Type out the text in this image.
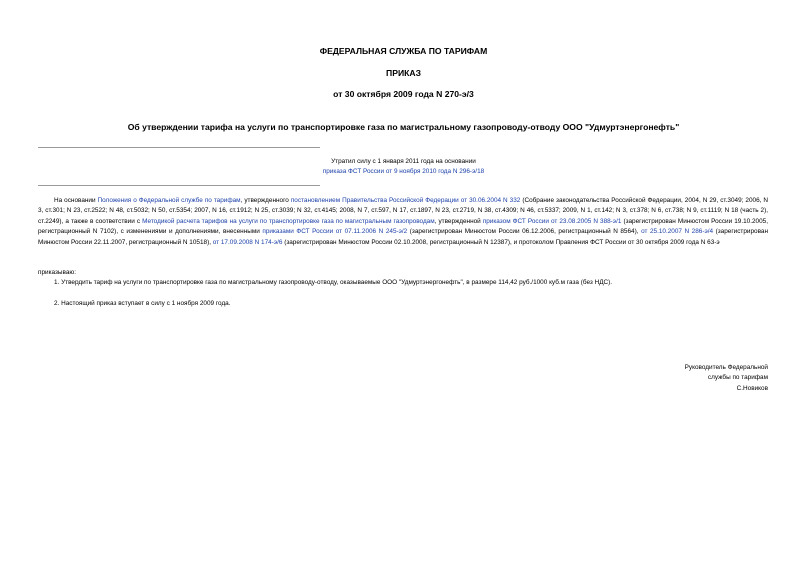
ФЕДЕРАЛЬНАЯ СЛУЖБА ПО ТАРИФАМ
ПРИКАЗ
от 30 октября 2009 года N 270-э/3
Об утверждении тарифа на услуги по транспортировке газа по магистральному газопроводу-отводу ООО "Удмуртэнергонефть"
Утратил силу с 1 января 2011 года на основании
приказа ФСТ России от 9 ноября 2010 года N 296-э/18
На основании Положения о Федеральной службе по тарифам, утвержденного постановлением Правительства Российской Федерации от 30.06.2004 N 332 (Собрание законодательства Российской Федерации, 2004, N 29, ст.3049; 2006, N 3, ст.301; N 23, ст.2522; N 48, ст.5032; N 50, ст.5354; 2007, N 16, ст.1912; N 25, ст.3039; N 32, ст.4145; 2008, N 7, ст.597, N 17, ст.1897, N 23, ст.2719, N 38, ст.4309; N 46, ст.5337; 2009, N 1, ст.142; N 3, ст.378; N 6, ст.738; N 9, ст.1119; N 18 (часть 2), ст.2249), а также в соответствии с Методикой расчета тарифов на услуги по транспортировке газа по магистральным газопроводам, утвержденной приказом ФСТ России от 23.08.2005 N 388-э/1 (зарегистрирован Минюстом России 19.10.2005, регистрационный N 7102), с изменениями и дополнениями, внесенными приказами ФСТ России от 07.11.2006 N 245-э/2 (зарегистрирован Минюстом России 06.12.2006, регистрационный N 8564), от 25.10.2007 N 286-э/4 (зарегистрирован Минюстом России 22.11.2007, регистрационный N 10518), от 17.09.2008 N 174-э/6 (зарегистрирован Минюстом России 02.10.2008, регистрационный N 12387), и протоколом Правления ФСТ России от 30 октября 2009 года N 63-э
приказываю:
1. Утвердить тариф на услуги по транспортировке газа по магистральному газопроводу-отводу, оказываемые ООО "Удмуртэнергонефть", в размере 114,42 руб./1000 куб.м газа (без НДС).
2. Настоящий приказ вступает в силу с 1 ноября 2009 года.
Руководитель Федеральной
службы по тарифам
С.Новиков
